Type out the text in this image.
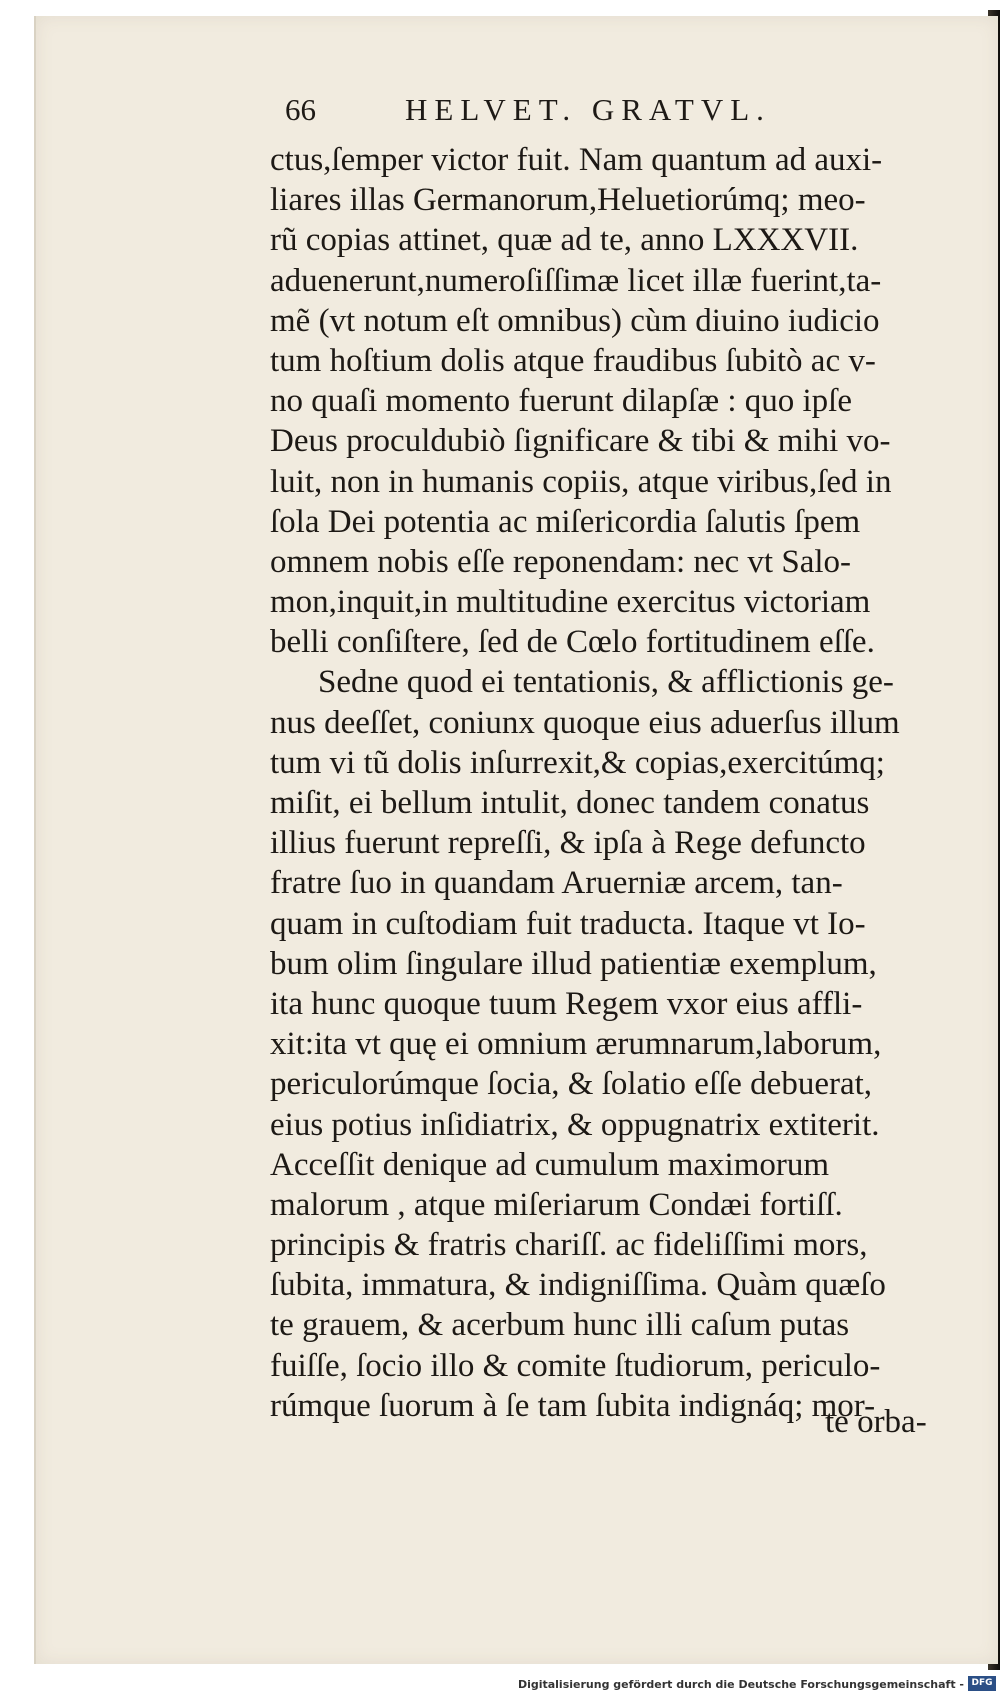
66	HELVET. GRATVL.
ctus,ſemper victor fuit. Nam quantum ad auxi-
liares illas Germanorum,Heluetiorúmq; meo-
rũ copias attinet, quæ ad te, anno LXXXVII.
aduenerunt,numeroſiſſimæ licet illæ fuerint,ta-
mẽ (vt notum eſt omnibus) cùm diuino iudicio
tum hoſtium dolis atque fraudibus ſubitò ac v-
no quaſi momento fuerunt dilapſæ : quo ipſe
Deus proculdubiò ſignificare & tibi & mihi vo-
luit, non in humanis copiis, atque viribus,ſed in
ſola Dei potentia ac miſericordia ſalutis ſpem
omnem nobis eſſe reponendam: nec vt Salo-
mon,inquit,in multitudine exercitus victoriam
belli conſiſtere, ſed de Cœlo fortitudinem eſſe.
Sedne quod ei tentationis, & afflictionis ge-
nus deeſſet, coniunx quoque eius aduerſus illum
tum vi tũ dolis inſurrexit,& copias,exercitúmq;
miſit, ei bellum intulit, donec tandem conatus
illius fuerunt repreſſi, & ipſa à Rege defuncto
fratre ſuo in quandam Aruerniæ arcem, tan-
quam in cuſtodiam fuit traducta. Itaque vt Io-
bum olim ſingulare illud patientiæ exemplum,
ita hunc quoque tuum Regem vxor eius affli-
xit:ita vt quę ei omnium ærumnarum,laborum,
periculorúmque ſocia, & ſolatio eſſe debuerat,
eius potius inſidiatrix, & oppugnatrix extiterit.
Acceſſit denique ad cumulum maximorum
malorum , atque miſeriarum Condæi fortiſſ.
principis & fratris chariſſ. ac fideliſſimi mors,
ſubita, immatura, & indigniſſima. Quàm quæſo
te grauem, & acerbum hunc illi caſum putas
fuiſſe, ſocio illo & comite ſtudiorum, periculo-
rúmque ſuorum à ſe tam ſubita indignáq; mor-
te orba-
Digitalisierung gefördert durch die Deutsche Forschungsgemeinschaft - DFG
